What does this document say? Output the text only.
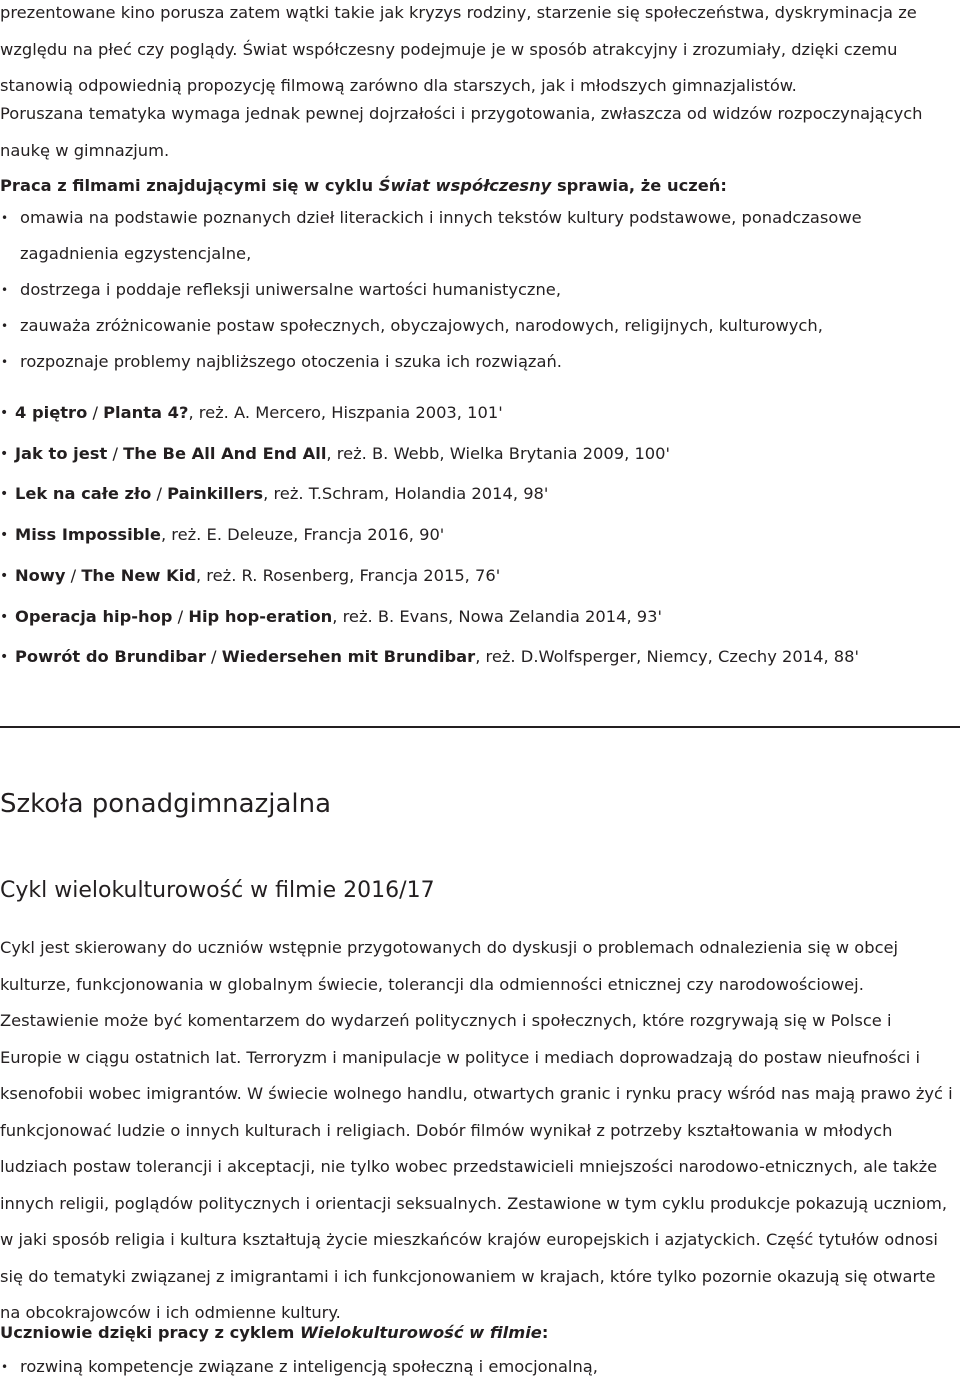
prezentowane kino porusza zatem wątki takie jak kryzys rodziny, starzenie się społeczeństwa, dyskryminacja ze względu na płeć czy poglądy. Świat współczesny podejmuje je w sposób atrakcyjny i zrozumiały, dzięki czemu stanowią odpowiednią propozycję filmową zarówno dla starszych, jak i młodszych gimnazjalistów.

Poruszana tematyka wymaga jednak pewnej dojrzałości i przygotowania, zwłaszcza od widzów rozpoczynających naukę w gimnazjum.

Praca z filmami znajdującymi się w cyklu Świat współczesny sprawia, że uczeń:

• omawia na podstawie poznanych dzieł literackich i innych tekstów kultury podstawowe, ponadczasowe zagadnienia egzystencjalne,
• dostrzega i poddaje refleksji uniwersalne wartości humanistyczne,
• zauważa zróżnicowanie postaw społecznych, obyczajowych, narodowych, religijnych, kulturowych,
• rozpoznaje problemy najbliższego otoczenia i szuka ich rozwiązań.
• 4 piętro / Planta 4?, reż. A. Mercero, Hiszpania 2003, 101'
• Jak to jest / The Be All And End All, reż. B. Webb, Wielka Brytania 2009, 100'
• Lek na całe zło / Painkillers, reż. T.Schram, Holandia 2014, 98'
• Miss Impossible, reż. E. Deleuze, Francja 2016, 90'
• Nowy / The New Kid, reż. R. Rosenberg, Francja 2015, 76'
• Operacja hip-hop / Hip hop-eration, reż. B. Evans, Nowa Zelandia 2014, 93'
• Powrót do Brundibar / Wiedersehen mit Brundibar, reż. D.Wolfsperger, Niemcy, Czechy 2014, 88'
Szkoła ponadgimnazjalna
Cykl wielokulturowość w filmie 2016/17

Cykl jest skierowany do uczniów wstępnie przygotowanych do dyskusji o problemach odnalezienia się w obcej kulturze, funkcjonowania w globalnym świecie, tolerancji dla odmienności etnicznej czy narodowościowej. Zestawienie może być komentarzem do wydarzeń politycznych i społecznych, które rozgrywają się w Polsce i Europie w ciągu ostatnich lat. Terroryzm i manipulacje w polityce i mediach doprowadzają do postaw nieufności i ksenofobii wobec imigrantów. W świecie wolnego handlu, otwartych granic i rynku pracy wśród nas mają prawo żyć i funkcjonować ludzie o innych kulturach i religiach. Dobór filmów wynikał z potrzeby kształtowania w młodych ludziach postaw tolerancji i akceptacji, nie tylko wobec przedstawicieli mniejszości narodowo-etnicznych, ale także innych religii, poglądów politycznych i orientacji seksualnych. Zestawione w tym cyklu produkcje pokazują uczniom, w jaki sposób religia i kultura kształtują życie mieszkańców krajów europejskich i azjatyckich. Część tytułów odnosi się do tematyki związanej z imigrantami i ich funkcjonowaniem w krajach, które tylko pozornie okazują się otwarte na obcokrajowców i ich odmienne kultury.

Uczniowie dzięki pracy z cyklem Wielokulturowość w filmie:

• rozwiną kompetencje związane z inteligencją społeczną i emocjonalną,
